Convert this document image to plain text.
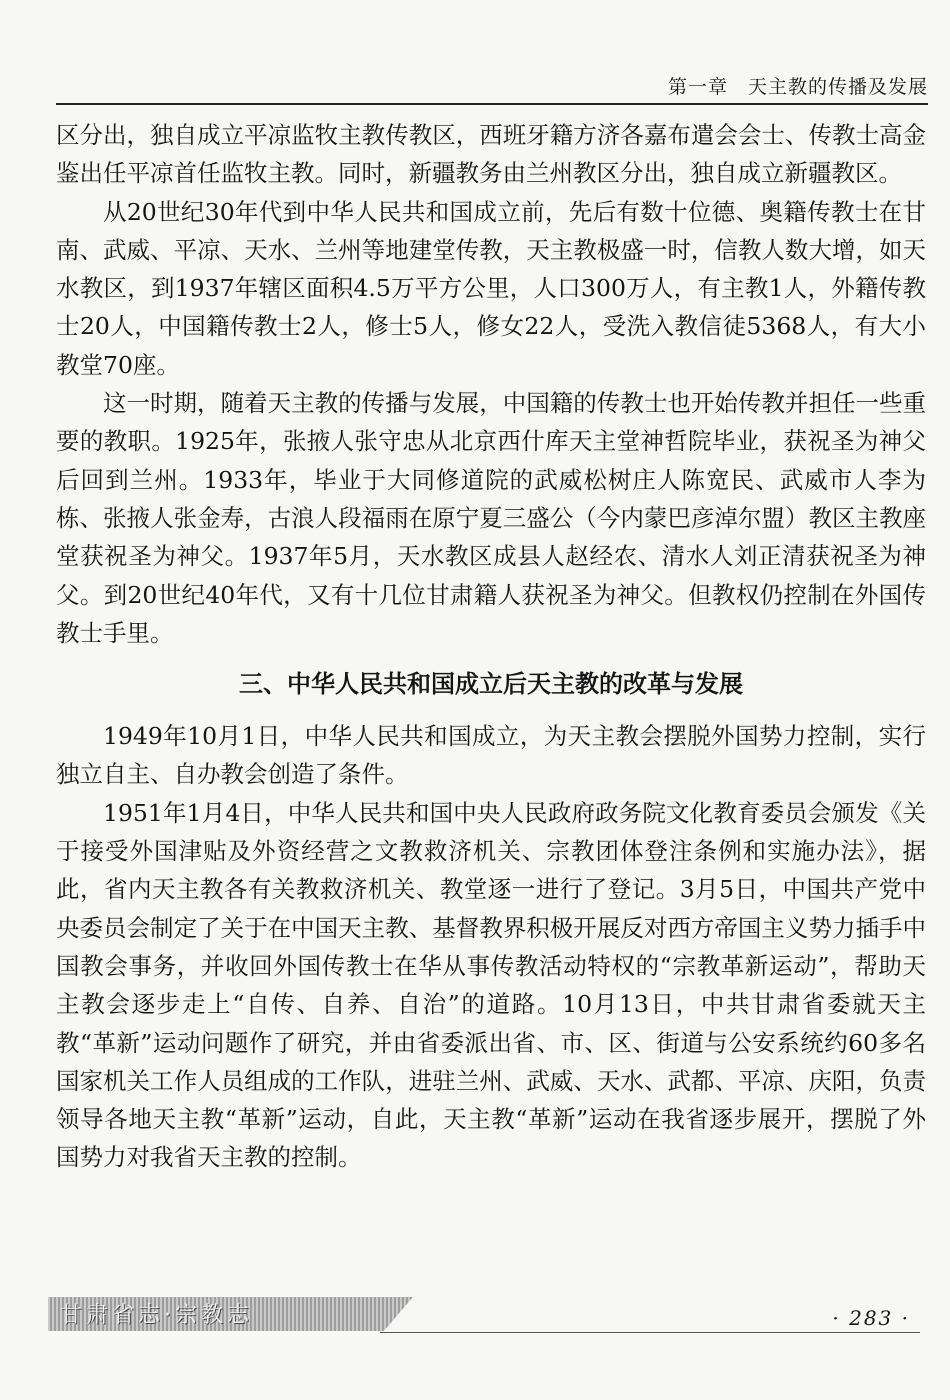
第一章　天主教的传播及发展

区分出，独自成立平凉监牧主教传教区，西班牙籍方济各嘉布遣会会士、传教士高金鉴出任平凉首任监牧主教。同时，新疆教务由兰州教区分出，独自成立新疆教区。

从20世纪30年代到中华人民共和国成立前，先后有数十位德、奥籍传教士在甘南、武威、平凉、天水、兰州等地建堂传教，天主教极盛一时，信教人数大增，如天水教区，到1937年辖区面积4.5万平方公里，人口300万人，有主教1人，外籍传教士20人，中国籍传教士2人，修士5人，修女22人，受洗入教信徒5368人，有大小教堂70座。

这一时期，随着天主教的传播与发展，中国籍的传教士也开始传教并担任一些重要的教职。1925年，张掖人张守忠从北京西什库天主堂神哲院毕业，获祝圣为神父后回到兰州。1933年，毕业于大同修道院的武威松树庄人陈宽民、武威市人李为栋、张掖人张金寿，古浪人段福雨在原宁夏三盛公（今内蒙巴彦淖尔盟）教区主教座堂获祝圣为神父。1937年5月，天水教区成县人赵经农、清水人刘正清获祝圣为神父。到20世纪40年代，又有十几位甘肃籍人获祝圣为神父。但教权仍控制在外国传教士手里。

三、中华人民共和国成立后天主教的改革与发展

1949年10月1日，中华人民共和国成立，为天主教会摆脱外国势力控制，实行独立自主、自办教会创造了条件。

1951年1月4日，中华人民共和国中央人民政府政务院文化教育委员会颁发《关于接受外国津贴及外资经营之文教救济机关、宗教团体登注条例和实施办法》，据此，省内天主教各有关教救济机关、教堂逐一进行了登记。3月5日，中国共产党中央委员会制定了关于在中国天主教、基督教界积极开展反对西方帝国主义势力插手中国教会事务，并收回外国传教士在华从事传教活动特权的“宗教革新运动”，帮助天主教会逐步走上“自传、自养、自治”的道路。10月13日，中共甘肃省委就天主教“革新”运动问题作了研究，并由省委派出省、市、区、街道与公安系统约60多名国家机关工作人员组成的工作队，进驻兰州、武威、天水、武都、平凉、庆阳，负责领导各地天主教“革新”运动，自此，天主教“革新”运动在我省逐步展开，摆脱了外国势力对我省天主教的控制。

甘肃省志·宗教志	· 283 ·
